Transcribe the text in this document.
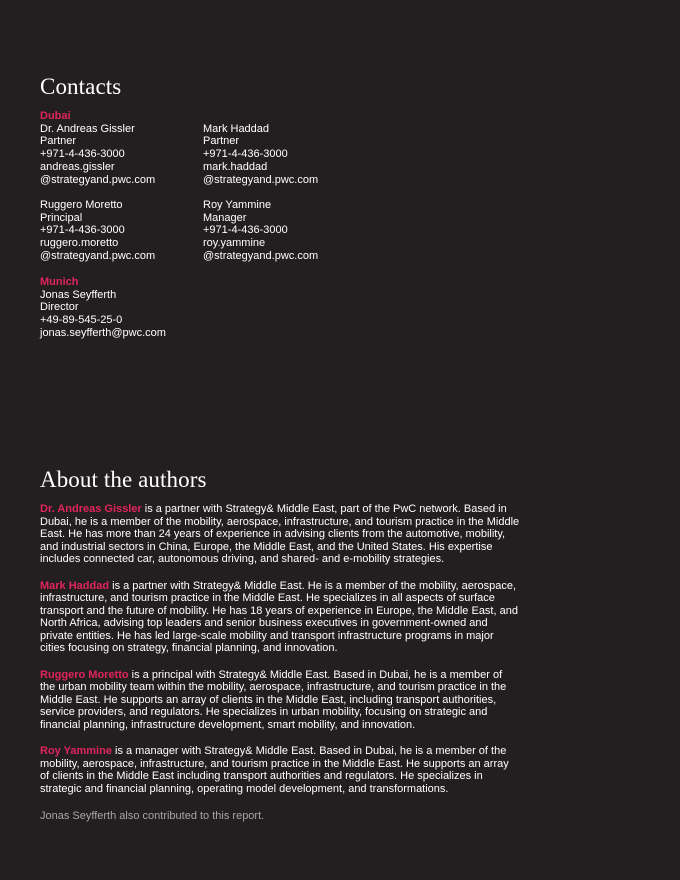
Contacts
Dubai
Dr. Andreas Gissler
Partner
+971-4-436-3000
andreas.gissler
@strategyand.pwc.com
Mark Haddad
Partner
+971-4-436-3000
mark.haddad
@strategyand.pwc.com
Ruggero Moretto
Principal
+971-4-436-3000
ruggero.moretto
@strategyand.pwc.com
Roy Yammine
Manager
+971-4-436-3000
roy.yammine
@strategyand.pwc.com
Munich
Jonas Seyfferth
Director
+49-89-545-25-0
jonas.seyfferth@pwc.com
About the authors

Dr. Andreas Gissler is a partner with Strategy& Middle East, part of the PwC network. Based in Dubai, he is a member of the mobility, aerospace, infrastructure, and tourism practice in the Middle East. He has more than 24 years of experience in advising clients from the automotive, mobility, and industrial sectors in China, Europe, the Middle East, and the United States. His expertise includes connected car, autonomous driving, and shared- and e-mobility strategies.

Mark Haddad is a partner with Strategy& Middle East. He is a member of the mobility, aerospace, infrastructure, and tourism practice in the Middle East. He specializes in all aspects of surface transport and the future of mobility. He has 18 years of experience in Europe, the Middle East, and North Africa, advising top leaders and senior business executives in government-owned and private entities. He has led large-scale mobility and transport infrastructure programs in major cities focusing on strategy, financial planning, and innovation.

Ruggero Moretto is a principal with Strategy& Middle East. Based in Dubai, he is a member of the urban mobility team within the mobility, aerospace, infrastructure, and tourism practice in the Middle East. He supports an array of clients in the Middle East, including transport authorities, service providers, and regulators. He specializes in urban mobility, focusing on strategic and financial planning, infrastructure development, smart mobility, and innovation.

Roy Yammine is a manager with Strategy& Middle East. Based in Dubai, he is a member of the mobility, aerospace, infrastructure, and tourism practice in the Middle East. He supports an array of clients in the Middle East including transport authorities and regulators. He specializes in strategic and financial planning, operating model development, and transformations.

Jonas Seyfferth also contributed to this report.
